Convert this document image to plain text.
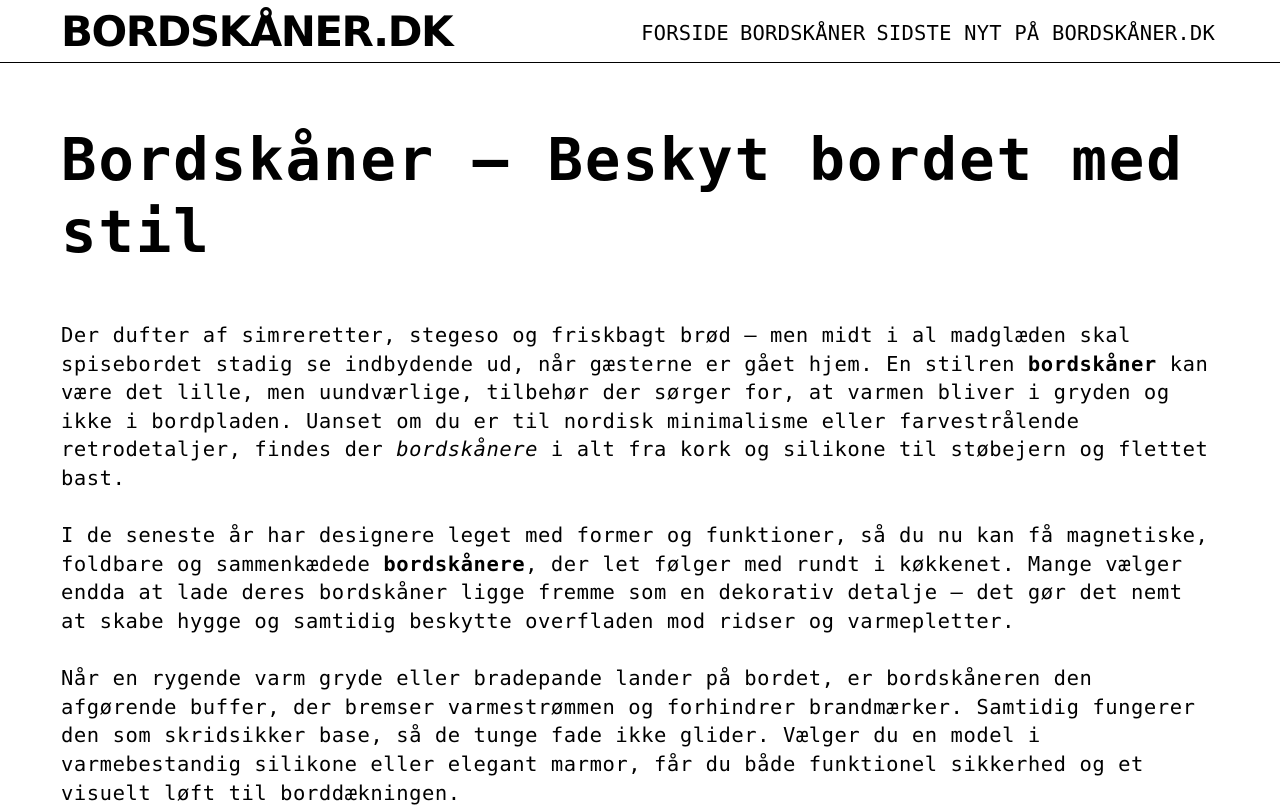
BORDSKÅNER.DK	FORSIDE BORDSKÅNER SIDSTE NYT PÅ BORDSKÅNER.DK
Bordskåner – Beskyt bordet med stil

Der dufter af simreretter, stegeso og friskbagt brød – men midt i al madglæden skal spisebordet stadig se indbydende ud, når gæsterne er gået hjem. En stilren bordskåner kan være det lille, men uundværlige, tilbehør der sørger for, at varmen bliver i gryden og ikke i bordpladen. Uanset om du er til nordisk minimalisme eller farvestrålende retrodetaljer, findes der bordskånere i alt fra kork og silikone til støbejern og flettet bast.

I de seneste år har designere leget med former og funktioner, så du nu kan få magnetiske, foldbare og sammenkædede bordskånere, der let følger med rundt i køkkenet. Mange vælger endda at lade deres bordskåner ligge fremme som en dekorativ detalje – det gør det nemt at skabe hygge og samtidig beskytte overfladen mod ridser og varmepletter.

Når en rygende varm gryde eller bradepande lander på bordet, er bordskåneren den afgørende buffer, der bremser varmestrømmen og forhindrer brandmærker. Samtidig fungerer den som skridsikker base, så de tunge fade ikke glider. Vælger du en model i varmebestandig silikone eller elegant marmor, får du både funktionel sikkerhed og et visuelt løft til borddækningen.
